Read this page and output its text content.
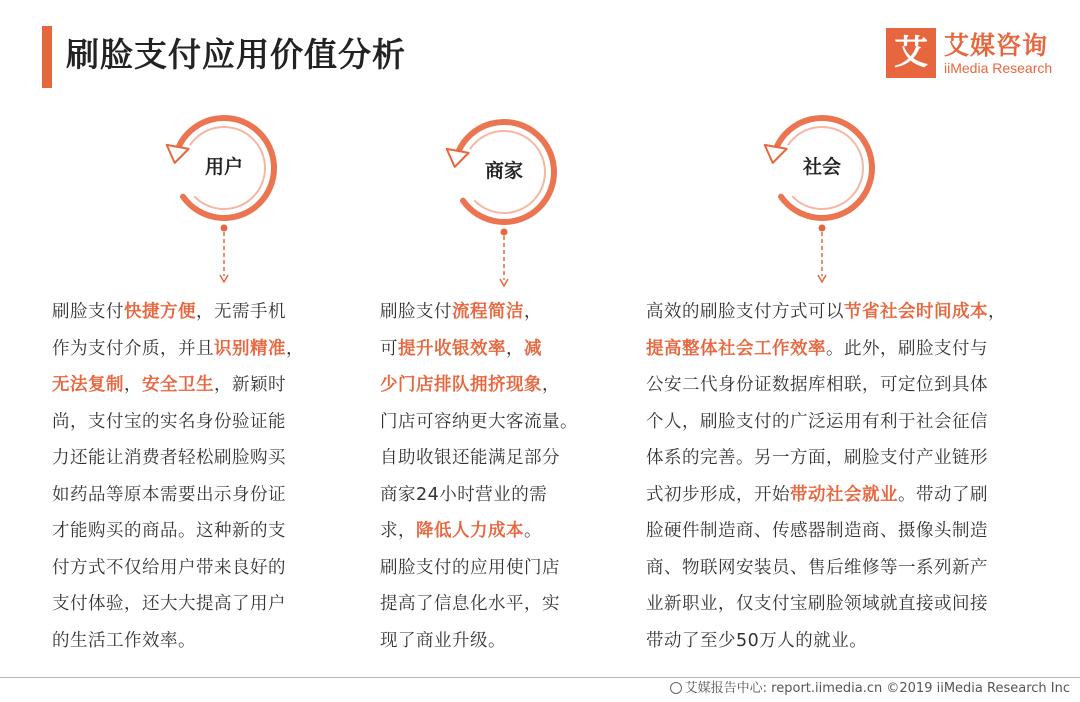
刷脸支付应用价值分析	艾 艾媒咨询
iiMedia Research
用户	商家	社会

刷脸支付快捷方便，无需手机

作为支付介质，并且识别精准，

无法复制，安全卫生，新颖时

尚，支付宝的实名身份验证能

力还能让消费者轻松刷脸购买

如药品等原本需要出示身份证

才能购买的商品。这种新的支

付方式不仅给用户带来良好的

支付体验，还大大提高了用户

的生活工作效率。

刷脸支付流程简洁，

可提升收银效率，减

少门店排队拥挤现象，

门店可容纳更大客流量。

自助收银还能满足部分

商家24小时营业的需

求，降低人力成本。

刷脸支付的应用使门店

提高了信息化水平，实

现了商业升级。

高效的刷脸支付方式可以节省社会时间成本，

提高整体社会工作效率。此外，刷脸支付与

公安二代身份证数据库相联，可定位到具体

个人，刷脸支付的广泛运用有利于社会征信

体系的完善。另一方面，刷脸支付产业链形

式初步形成，开始带动社会就业。带动了刷

脸硬件制造商、传感器制造商、摄像头制造

商、物联网安装员、售后维修等一系列新产

业新职业，仅支付宝刷脸领域就直接或间接

带动了至少50万人的就业。

艾媒报告中心: report.iimedia.cn ©2019 iiMedia Research Inc
